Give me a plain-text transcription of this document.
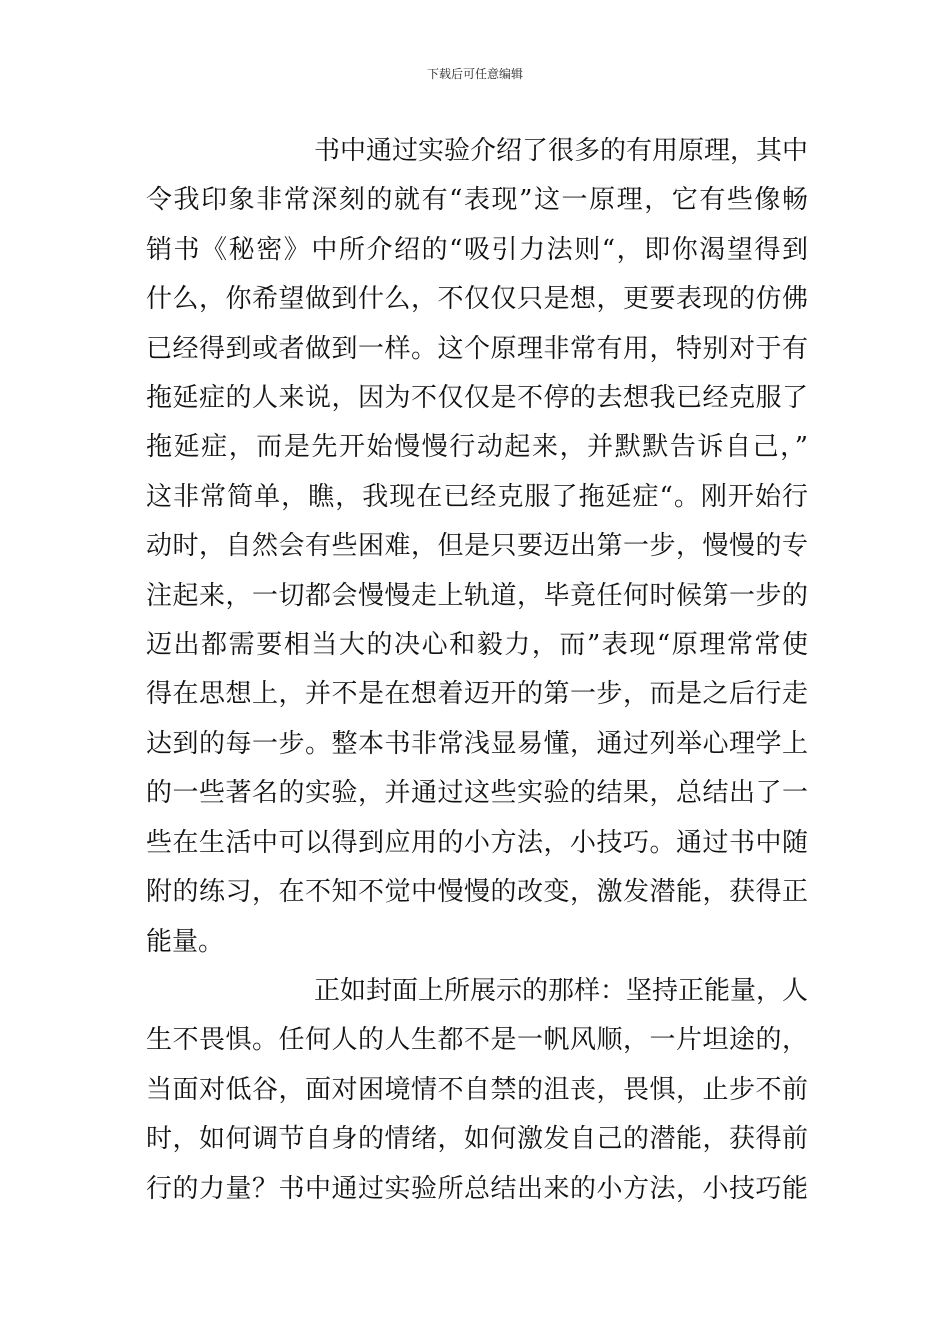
下载后可任意编辑

书中通过实验介绍了很多的有用原理，其中
令我印象非常深刻的就有“表现”这一原理，它有些像畅
销书《秘密》中所介绍的“吸引力法则“，即你渴望得到
什么，你希望做到什么，不仅仅只是想，更要表现的仿佛
已经得到或者做到一样。这个原理非常有用，特别对于有
拖延症的人来说，因为不仅仅是不停的去想我已经克服了
拖延症，而是先开始慢慢行动起来，并默默告诉自己，”
这非常简单，瞧，我现在已经克服了拖延症“。刚开始行
动时，自然会有些困难，但是只要迈出第一步，慢慢的专
注起来，一切都会慢慢走上轨道，毕竟任何时候第一步的
迈出都需要相当大的决心和毅力，而”表现“原理常常使
得在思想上，并不是在想着迈开的第一步，而是之后行走
达到的每一步。整本书非常浅显易懂，通过列举心理学上
的一些著名的实验，并通过这些实验的结果，总结出了一
些在生活中可以得到应用的小方法，小技巧。通过书中随
附的练习，在不知不觉中慢慢的改变，激发潜能，获得正
能量。

正如封面上所展示的那样：坚持正能量，人
生不畏惧。任何人的人生都不是一帆风顺，一片坦途的，
当面对低谷，面对困境情不自禁的沮丧，畏惧，止步不前
时，如何调节自身的情绪，如何激发自己的潜能，获得前
行的力量？书中通过实验所总结出来的小方法，小技巧能
